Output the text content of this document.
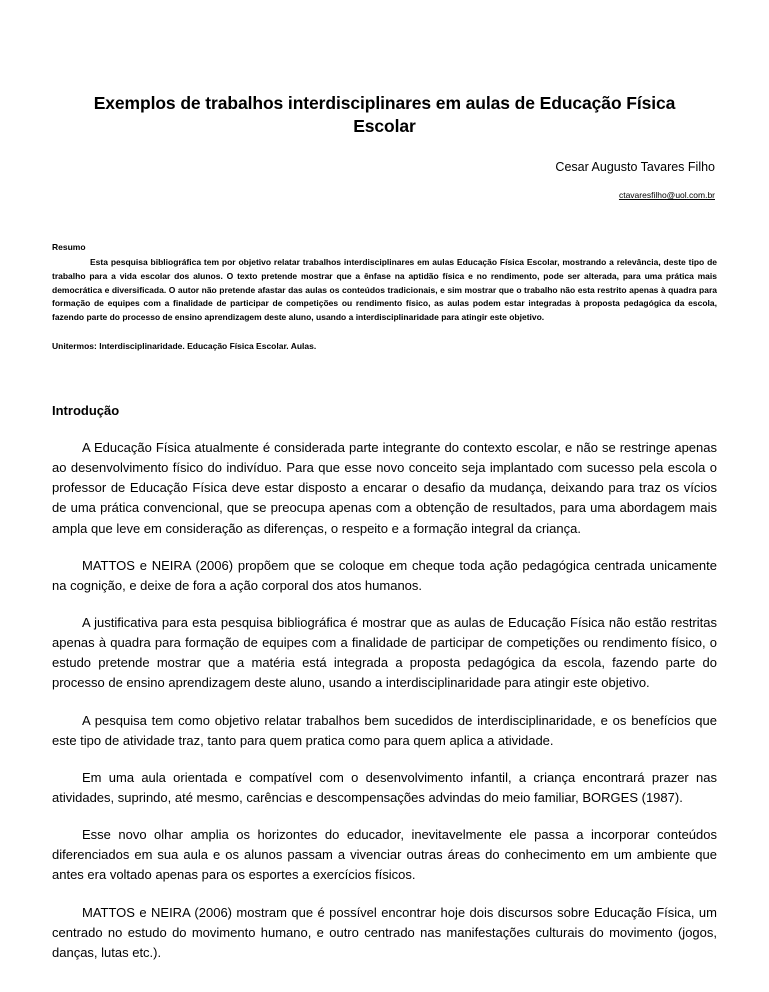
Exemplos de trabalhos interdisciplinares em aulas de Educação Física Escolar
Cesar Augusto Tavares Filho
ctavaresfilho@uol.com.br
Resumo
Esta pesquisa bibliográfica tem por objetivo relatar trabalhos interdisciplinares em aulas Educação Física Escolar, mostrando a relevância, deste tipo de trabalho para a vida escolar dos alunos. O texto pretende mostrar que a ênfase na aptidão física e no rendimento, pode ser alterada, para uma prática mais democrática e diversificada. O autor não pretende afastar das aulas os conteúdos tradicionais, e sim mostrar que o trabalho não esta restrito apenas à quadra para formação de equipes com a finalidade de participar de competições ou rendimento físico, as aulas podem estar integradas à proposta pedagógica da escola, fazendo parte do processo de ensino aprendizagem deste aluno, usando a interdisciplinaridade para atingir este objetivo.
Unitermos: Interdisciplinaridade. Educação Física Escolar. Aulas.
Introdução

A Educação Física atualmente é considerada parte integrante do contexto escolar, e não se restringe apenas ao desenvolvimento físico do indivíduo. Para que esse novo conceito seja implantado com sucesso pela escola o professor de Educação Física deve estar disposto a encarar o desafio da mudança, deixando para traz os vícios de uma prática convencional, que se preocupa apenas com a obtenção de resultados, para uma abordagem mais ampla que leve em consideração as diferenças, o respeito e a formação integral da criança.

MATTOS e NEIRA (2006) propõem que se coloque em cheque toda ação pedagógica centrada unicamente na cognição, e deixe de fora a ação corporal dos atos humanos.

A justificativa para esta pesquisa bibliográfica é mostrar que as aulas de Educação Física não estão restritas apenas à quadra para formação de equipes com a finalidade de participar de competições ou rendimento físico, o estudo pretende mostrar que a matéria está integrada a proposta pedagógica da escola, fazendo parte do processo de ensino aprendizagem deste aluno, usando a interdisciplinaridade para atingir este objetivo.

A pesquisa tem como objetivo relatar trabalhos bem sucedidos de interdisciplinaridade, e os benefícios que este tipo de atividade traz, tanto para quem pratica como para quem aplica a atividade.

Em uma aula orientada e compatível com o desenvolvimento infantil, a criança encontrará prazer nas atividades, suprindo, até mesmo, carências e descompensações advindas do meio familiar, BORGES (1987).

Esse novo olhar amplia os horizontes do educador, inevitavelmente ele passa a incorporar conteúdos diferenciados em sua aula e os alunos passam a vivenciar outras áreas do conhecimento em um ambiente que antes era voltado apenas para os esportes a exercícios físicos.

MATTOS e NEIRA (2006) mostram que é possível encontrar hoje dois discursos sobre Educação Física, um centrado no estudo do movimento humano, e outro centrado nas manifestações culturais do movimento (jogos, danças, lutas etc.).
